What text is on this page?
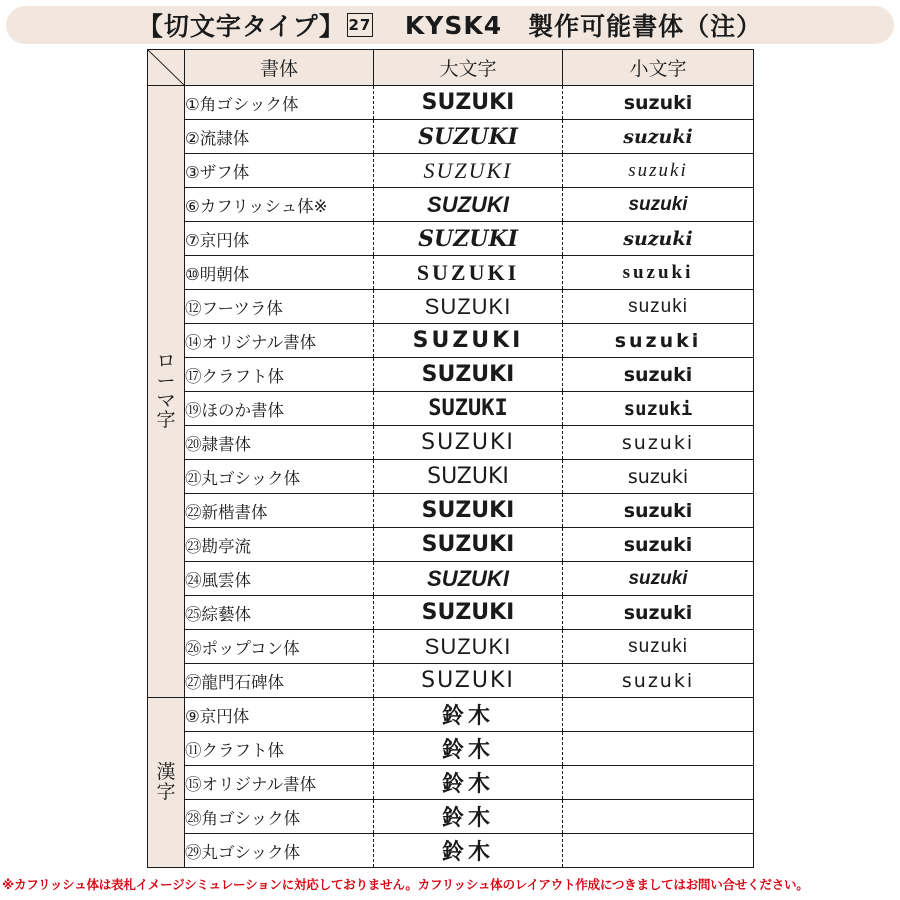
【切文字タイプ】 27 KYSK4 製作可能書体（注）
	書体	大文字	小文字
ローマ字	①角ゴシック体	SUZUKI	suzuki
	②流隷体	SUZUKI	suzuki
	③ザフ体	SUZUKI	suzuki
	⑥カフリッシュ体※	SUZUKI	suzuki
	⑦京円体	SUZUKI	suzuki
	⑩明朝体	SUZUKI	suzuki
	⑫フーツラ体	SUZUKI	suzuki
	⑭オリジナル書体	SUZUKI	suzuki
	⑰クラフト体	SUZUKI	suzuki
	⑲ほのか書体	SUZUKI	suzuki
	⑳隷書体	SUZUKI	suzuki
	㉑丸ゴシック体	SUZUKI	suzuki
	㉒新楷書体	SUZUKI	suzuki
	㉓勘亭流	SUZUKI	suzuki
	㉔風雲体	SUZUKI	suzuki
	㉕綜藝体	SUZUKI	suzuki
	㉖ポップコン体	SUZUKI	suzuki
	㉗龍門石碑体	SUZUKI	suzuki
漢字	⑨京円体	鈴木	
	⑪クラフト体	鈴木	
	⑮オリジナル書体	鈴木	
	㉘角ゴシック体	鈴木	
	㉙丸ゴシック体	鈴木	
※カフリッシュ体は表札イメージシミュレーションに対応しておりません。カフリッシュ体のレイアウト作成につきましてはお問い合せください。
